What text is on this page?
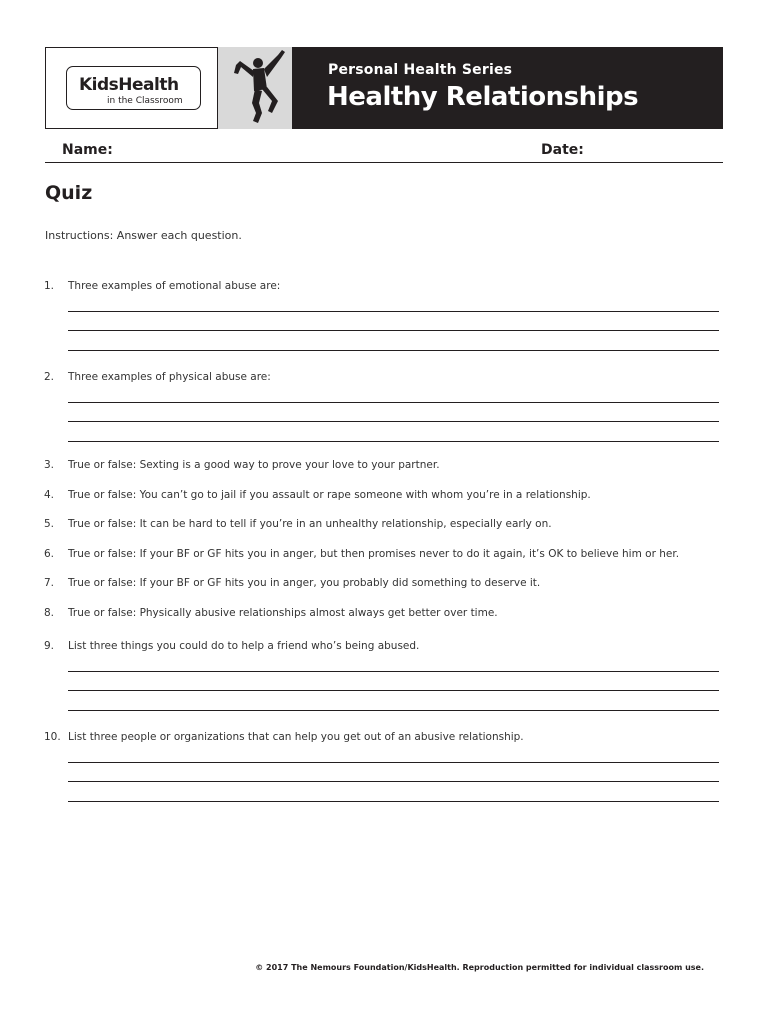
KidsHealth
in the Classroom
Personal Health Series
Healthy Relationships
Name:	Date:
Quiz
Instructions: Answer each question.
1. Three examples of emotional abuse are:
2. Three examples of physical abuse are:
3. True or false: Sexting is a good way to prove your love to your partner.
4. True or false: You can’t go to jail if you assault or rape someone with whom you’re in a relationship.
5. True or false: It can be hard to tell if you’re in an unhealthy relationship, especially early on.
6. True or false: If your BF or GF hits you in anger, but then promises never to do it again, it’s OK to believe him or her.
7. True or false: If your BF or GF hits you in anger, you probably did something to deserve it.
8. True or false: Physically abusive relationships almost always get better over time.
9. List three things you could do to help a friend who’s being abused.
10. List three people or organizations that can help you get out of an abusive relationship.
© 2017 The Nemours Foundation/KidsHealth. Reproduction permitted for individual classroom use.
